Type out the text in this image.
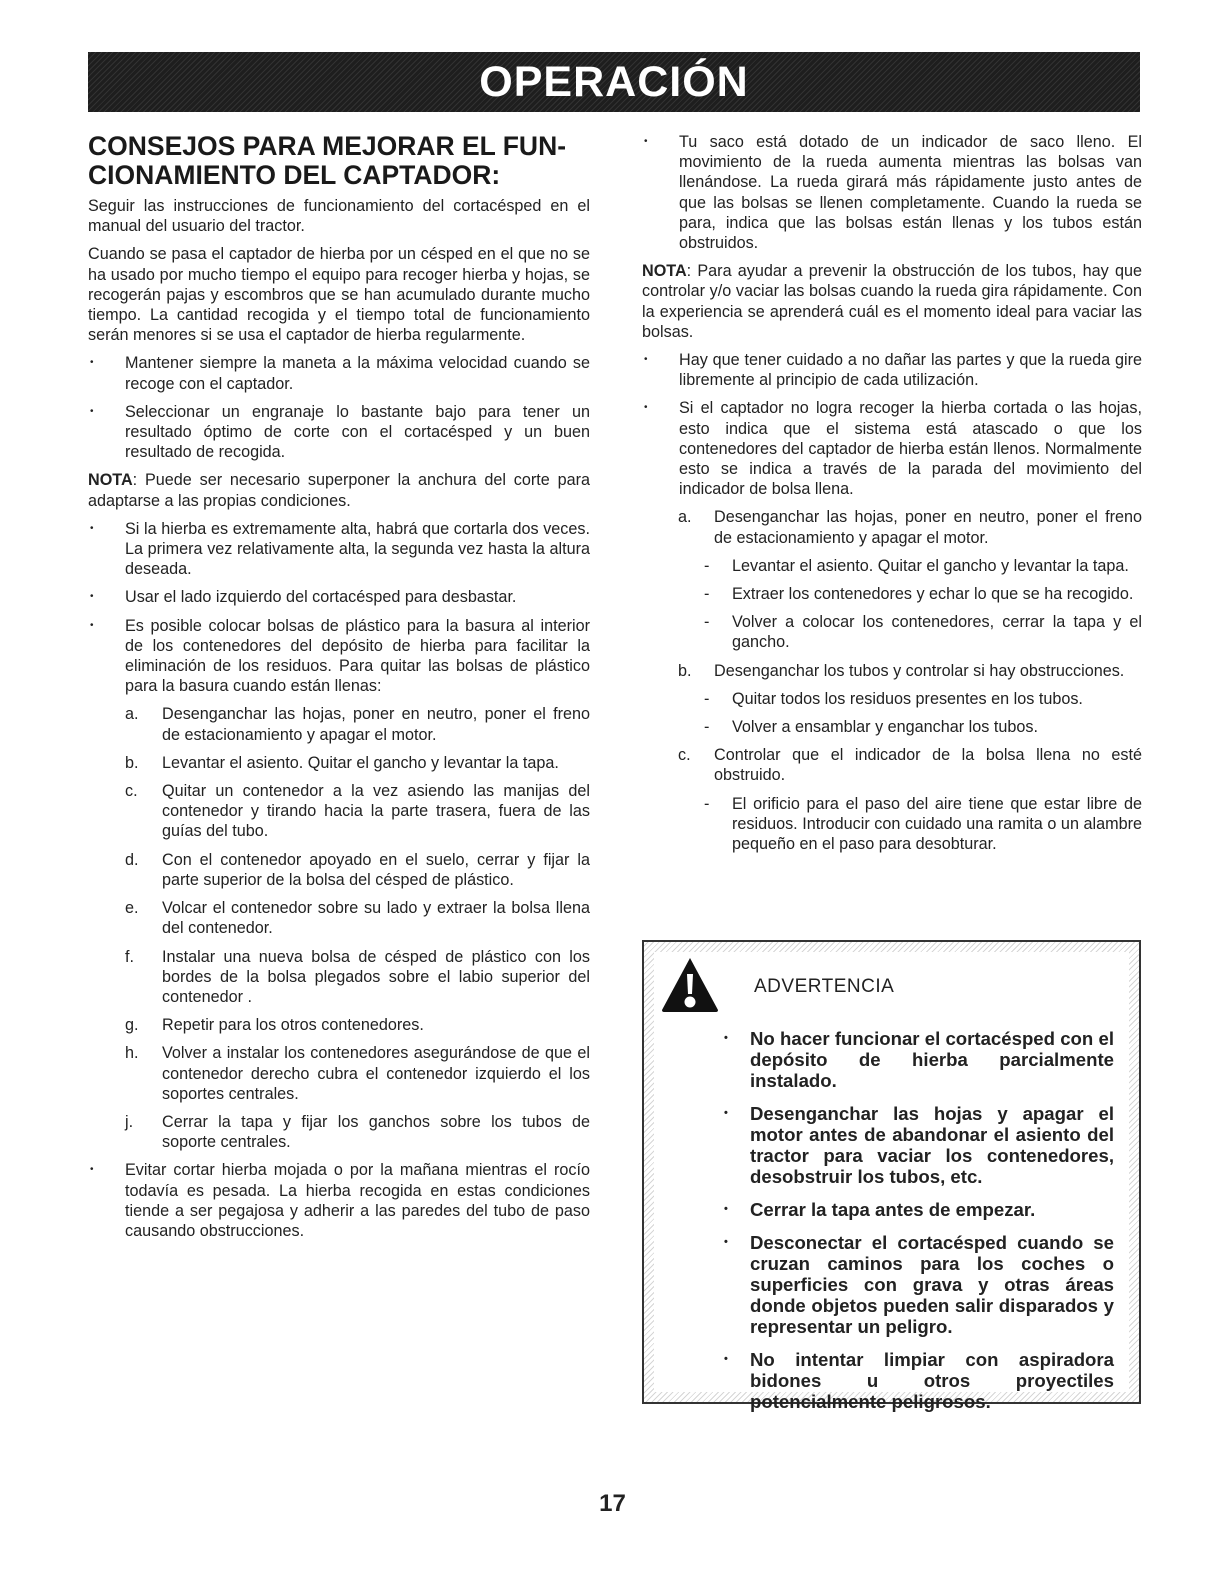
OPERACIÓN
CONSEJOS PARA MEJORAR EL FUN-
CIONAMIENTO DEL CAPTADOR:

Seguir las instrucciones de funcionamiento del cortacésped en el manual del usuario del tractor.

Cuando se pasa el captador de hierba por un césped en el que no se ha usado por mucho tiempo el equipo para recoger hierba y hojas, se recogerán pajas y escombros que se han acumulado durante mucho tiempo. La cantidad recogida y el tiempo total de funcionamiento serán menores si se usa el captador de hierba regularmente.

• Mantener siempre la maneta a la máxima velocidad cuando se recoge con el captador.
• Seleccionar un engranaje lo bastante bajo para tener un resultado óptimo de corte con el cortacésped y un buen resultado de recogida.

NOTA: Puede ser necesario superponer la anchura del corte para adaptarse a las propias condiciones.

• Si la hierba es extremamente alta, habrá que cortarla dos veces. La primera vez relativamente alta, la segunda vez hasta la altura deseada.
• Usar el lado izquierdo del cortacésped para desbastar.
• Es posible colocar bolsas de plástico para la basura al interior de los contenedores del depósito de hierba para facilitar la eliminación de los residuos. Para quitar las bolsas de plástico para la basura cuando están llenas:
a. Desenganchar las hojas, poner en neutro, poner el freno de estacionamiento y apagar el motor.
b. Levantar el asiento. Quitar el gancho y levantar la tapa.
c. Quitar un contenedor a la vez asiendo las manijas del contenedor y tirando hacia la parte trasera, fuera de las guías del tubo.
d. Con el contenedor apoyado en el suelo, cerrar y fijar la parte superior de la bolsa del césped de plástico.
e. Volcar el contenedor sobre su lado y extraer la bolsa llena del contenedor.
f. Instalar una nueva bolsa de césped de plástico con los bordes de la bolsa plegados sobre el labio superior del contenedor .
g. Repetir para los otros contenedores.
h. Volver a instalar los contenedores asegurándose de que el contenedor derecho cubra el contenedor izquierdo el los soportes centrales.
j. Cerrar la tapa y fijar los ganchos sobre los tubos de soporte centrales.
• Evitar cortar hierba mojada o por la mañana mientras el rocío todavía es pesada. La hierba recogida en estas condiciones tiende a ser pegajosa y adherir a las paredes del tubo de paso causando obstrucciones.
• Tu saco está dotado de un indicador de saco lleno. El movimiento de la rueda aumenta mientras las bolsas van llenándose. La rueda girará más rápidamente justo antes de que las bolsas se llenen completamente. Cuando la rueda se para, indica que las bolsas están llenas y los tubos están obstruidos.

NOTA: Para ayudar a prevenir la obstrucción de los tubos, hay que controlar y/o vaciar las bolsas cuando la rueda gira rápidamente. Con la experiencia se aprenderá cuál es el momento ideal para vaciar las bolsas.

• Hay que tener cuidado a no dañar las partes y que la rueda gire libremente al principio de cada utilización.
• Si el captador no logra recoger la hierba cortada o las hojas, esto indica que el sistema está atascado o que los contenedores del captador de hierba están llenos. Normalmente esto se indica a través de la parada del movimiento del indicador de bolsa llena.
a. Desenganchar las hojas, poner en neutro, poner el freno de estacionamiento y apagar el motor.
- Levantar el asiento. Quitar el gancho y levantar la tapa.
- Extraer los contenedores y echar lo que se ha recogido.
- Volver a colocar los contenedores, cerrar la tapa y el gancho.
b. Desenganchar los tubos y controlar si hay obstrucciones.
- Quitar todos los residuos presentes en los tubos.
- Volver a ensamblar y enganchar los tubos.
c. Controlar que el indicador de la bolsa llena no esté obstruido.
- El orificio para el paso del aire tiene que estar libre de residuos. Introducir con cuidado una ramita o un alambre pequeño en el paso para desobturar.
ADVERTENCIA
• No hacer funcionar el cortacésped con el depósito de hierba parcialmente instalado.
• Desenganchar las hojas y apagar el motor antes de abandonar el asiento del tractor para vaciar los contenedores, desobstruir los tubos, etc.
• Cerrar la tapa antes de empezar.
• Desconectar el cortacésped cuando se cruzan caminos para los coches o superficies con grava y otras áreas donde objetos pueden salir disparados y representar un peligro.
• No intentar limpiar con aspiradora bidones u otros proyectiles potencialmente peligrosos.
17
